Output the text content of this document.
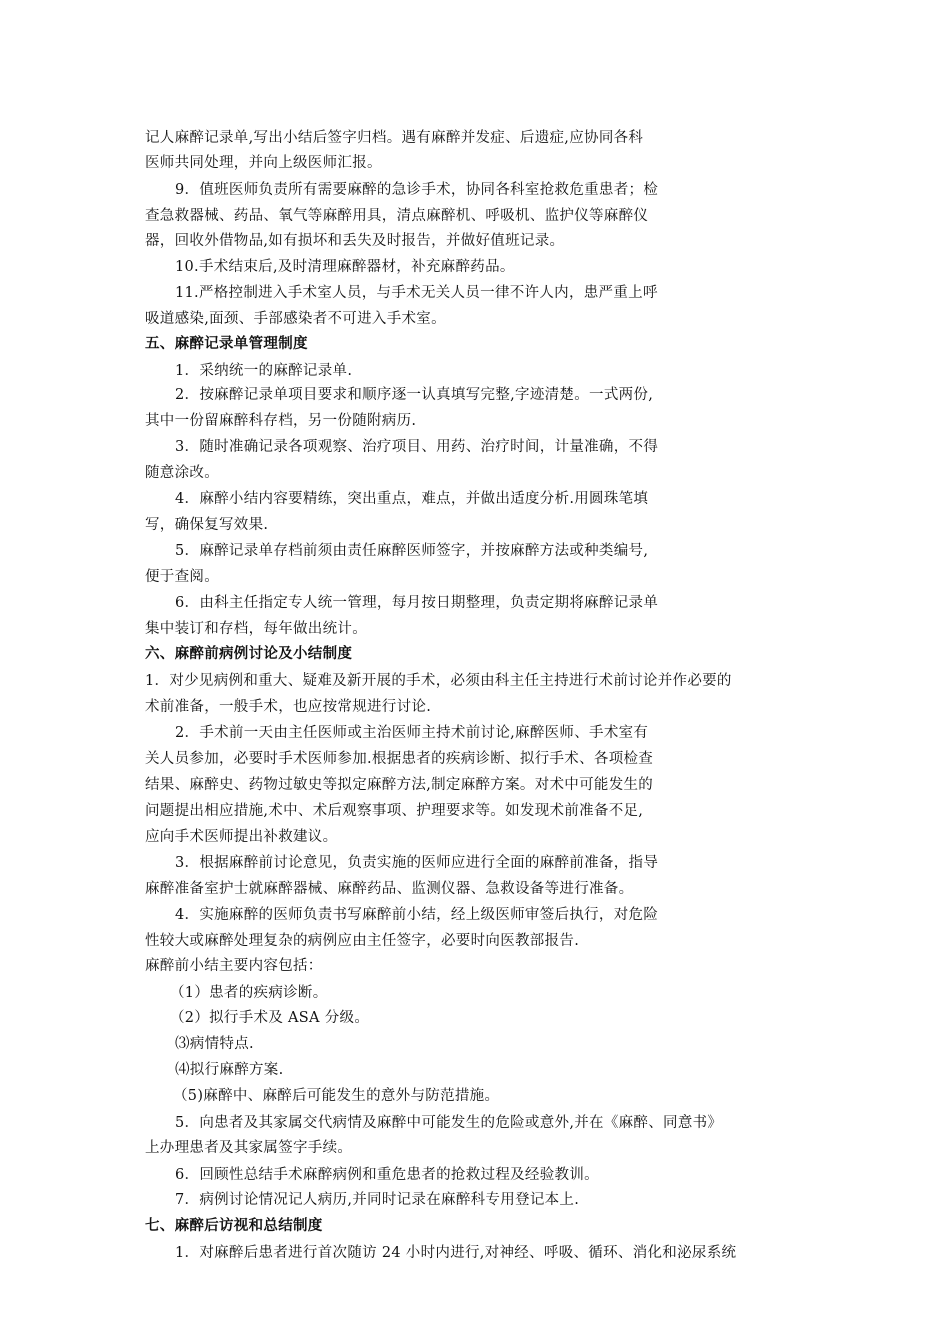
记人麻醉记录单,写出小结后签字归档。遇有麻醉并发症、后遗症,应协同各科
医师共同处理，并向上级医师汇报。
9．值班医师负责所有需要麻醉的急诊手术，协同各科室抢救危重患者；检
查急救器械、药品、氧气等麻醉用具，清点麻醉机、呼吸机、监护仪等麻醉仪
器，回收外借物品,如有损坏和丢失及时报告，并做好值班记录。
10.手术结束后,及时清理麻醉器材，补充麻醉药品。
11.严格控制进入手术室人员，与手术无关人员一律不许人内，患严重上呼
吸道感染,面颈、手部感染者不可进入手术室。
五、麻醉记录单管理制度
1．采纳统一的麻醉记录单.
2．按麻醉记录单项目要求和顺序逐一认真填写完整,字迹清楚。一式两份,
其中一份留麻醉科存档，另一份随附病历.
3．随时准确记录各项观察、治疗项目、用药、治疗时间，计量准确，不得
随意涂改。
4．麻醉小结内容要精练，突出重点，难点，并做出适度分析.用圆珠笔填
写，确保复写效果.
5．麻醉记录单存档前须由责任麻醉医师签字，并按麻醉方法或种类编号,
便于查阅。
6．由科主任指定专人统一管理，每月按日期整理，负责定期将麻醉记录单
集中装订和存档，每年做出统计。
六、麻醉前病例讨论及小结制度
1．对少见病例和重大、疑难及新开展的手术，必须由科主任主持进行术前讨论并作必要的
术前准备，一般手术，也应按常规进行讨论.
2．手术前一天由主任医师或主治医师主持术前讨论,麻醉医师、手术室有
关人员参加，必要时手术医师参加.根据患者的疾病诊断、拟行手术、各项检查
结果、麻醉史、药物过敏史等拟定麻醉方法,制定麻醉方案。对术中可能发生的
问题提出相应措施,术中、术后观察事项、护理要求等。如发现术前准备不足,
应向手术医师提出补救建议。
3．根据麻醉前讨论意见，负责实施的医师应进行全面的麻醉前准备，指导
麻醉准备室护士就麻醉器械、麻醉药品、监测仪器、急救设备等进行准备。
4．实施麻醉的医师负责书写麻醉前小结，经上级医师审签后执行，对危险
性较大或麻醉处理复杂的病例应由主任签字，必要时向医教部报告.
麻醉前小结主要内容包括：
（1）患者的疾病诊断。
（2）拟行手术及 ASA 分级。
⑶病情特点.
⑷拟行麻醉方案.
（5)麻醉中、麻醉后可能发生的意外与防范措施。
5．向患者及其家属交代病情及麻醉中可能发生的危险或意外,并在《麻醉、同意书》
上办理患者及其家属签字手续。
6．回顾性总结手术麻醉病例和重危患者的抢救过程及经验教训。
7．病例讨论情况记人病历,并同时记录在麻醉科专用登记本上.
七、麻醉后访视和总结制度
1．对麻醉后患者进行首次随访 24 小时内进行,对神经、呼吸、循环、消化和泌尿系统
